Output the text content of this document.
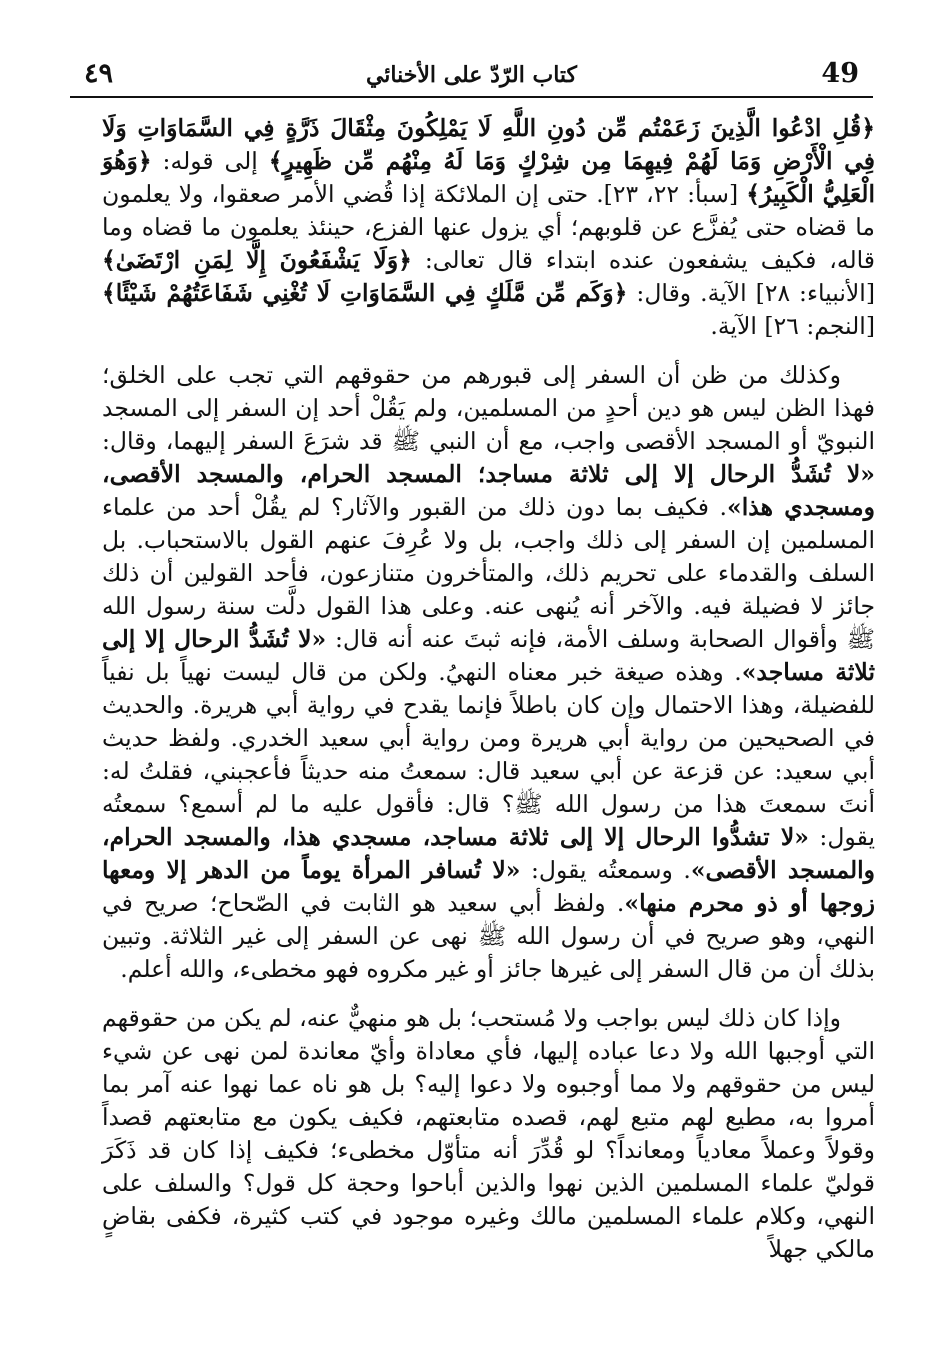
49
كتاب الرّدّ على الأخنائي
٤٩

﴿قُلِ ادْعُوا الَّذِينَ زَعَمْتُم مِّن دُونِ اللَّهِ لَا يَمْلِكُونَ مِثْقَالَ ذَرَّةٍ فِي السَّمَاوَاتِ وَلَا فِي الْأَرْضِ وَمَا لَهُمْ فِيهِمَا مِن شِرْكٍ وَمَا لَهُ مِنْهُم مِّن ظَهِيرٍ﴾ إلى قوله: ﴿وَهُوَ الْعَلِيُّ الْكَبِيرُ﴾ [سبأ: ٢٢، ٢٣]. حتى إن الملائكة إذا قُضي الأمر صعقوا، ولا يعلمون ما قضاه حتى يُفزَّع عن قلوبهم؛ أي يزول عنها الفزع، حينئذ يعلمون ما قضاه وما قاله، فكيف يشفعون عنده ابتداء قال تعالى: ﴿وَلَا يَشْفَعُونَ إِلَّا لِمَنِ ارْتَضَىٰ﴾ [الأنبياء: ٢٨] الآية. وقال: ﴿وَكَم مِّن مَّلَكٍ فِي السَّمَاوَاتِ لَا تُغْنِي شَفَاعَتُهُمْ شَيْئًا﴾ [النجم: ٢٦] الآية.

وكذلك من ظن أن السفر إلى قبورهم من حقوقهم التي تجب على الخلق؛ فهذا الظن ليس هو دين أحدٍ من المسلمين، ولم يَقُلْ أحد إن السفر إلى المسجد النبويّ أو المسجد الأقصى واجب، مع أن النبي ﷺ قد شرَعَ السفر إليهما، وقال: «لا تُشَدُّ الرحال إلا إلى ثلاثة مساجد؛ المسجد الحرام، والمسجد الأقصى، ومسجدي هذا». فكيف بما دون ذلك من القبور والآثار؟ لم يقُلْ أحد من علماء المسلمين إن السفر إلى ذلك واجب، بل ولا عُرِفَ عنهم القول بالاستحباب. بل السلف والقدماء على تحريم ذلك، والمتأخرون متنازعون، فأحد القولين أن ذلك جائز لا فضيلة فيه. والآخر أنه يُنهى عنه. وعلى هذا القول دلَّت سنة رسول الله ﷺ وأقوال الصحابة وسلف الأمة، فإنه ثبتَ عنه أنه قال: «لا تُشَدُّ الرحال إلا إلى ثلاثة مساجد». وهذه صيغة خبر معناه النهيُ. ولكن من قال ليست نهياً بل نفياً للفضيلة، وهذا الاحتمال وإن كان باطلاً فإنما يقدح في رواية أبي هريرة. والحديث في الصحيحين من رواية أبي هريرة ومن رواية أبي سعيد الخدري. ولفظ حديث أبي سعيد: عن قزعة عن أبي سعيد قال: سمعتُ منه حديثاً فأعجبني، فقلتُ له: أنتَ سمعتَ هذا من رسول الله ﷺ؟ قال: فأقول عليه ما لم أسمع؟ سمعتُه يقول: «لا تشدُّوا الرحال إلا إلى ثلاثة مساجد، مسجدي هذا، والمسجد الحرام، والمسجد الأقصى». وسمعتُه يقول: «لا تُسافر المرأة يوماً من الدهر إلا ومعها زوجها أو ذو محرم منها». ولفظ أبي سعيد هو الثابت في الصّحاح؛ صريح في النهي، وهو صريح في أن رسول الله ﷺ نهى عن السفر إلى غير الثلاثة. وتبين بذلك أن من قال السفر إلى غيرها جائز أو غير مكروه فهو مخطىء، والله أعلم.

وإذا كان ذلك ليس بواجب ولا مُستحب؛ بل هو منهيٌّ عنه، لم يكن من حقوقهم التي أوجبها الله ولا دعا عباده إليها، فأي معاداة وأيّ معاندة لمن نهى عن شيء ليس من حقوقهم ولا مما أوجبوه ولا دعوا إليه؟ بل هو ناه عما نهوا عنه آمر بما أمروا به، مطيع لهم متبع لهم، قصده متابعتهم، فكيف يكون مع متابعتهم قصداً وقولاً وعملاً معادياً ومعانداً؟ لو قُدِّرَ أنه متأوّل مخطىء؛ فكيف إذا كان قد ذَكَرَ قوليّ علماء المسلمين الذين نهوا والذين أباحوا وحجة كل قول؟ والسلف على النهي، وكلام علماء المسلمين مالك وغيره موجود في كتب كثيرة، فكفى بقاضٍ مالكي جهلاً
